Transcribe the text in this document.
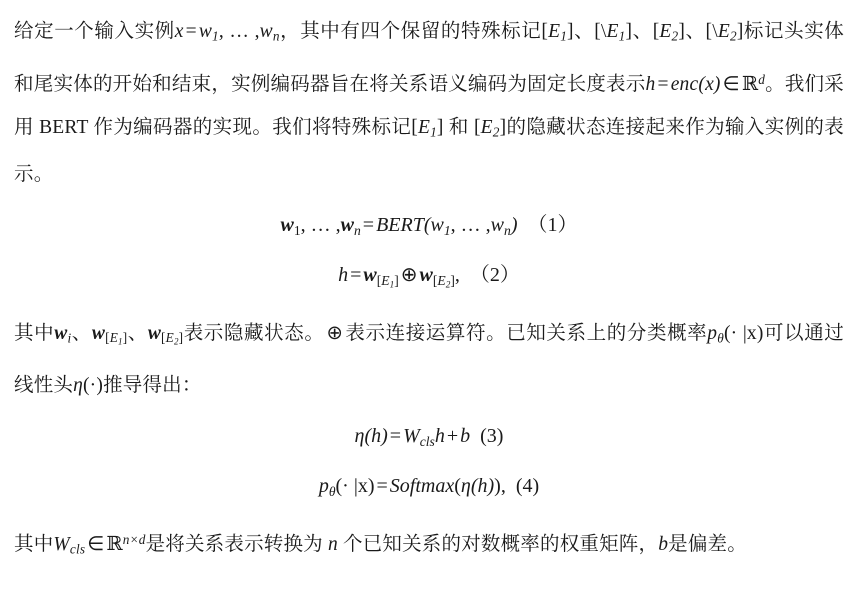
给定一个输入实例$x = w_1$, … $,w_n$，其中有四个保留的特殊标记$[E_1]$、$[\backslash E_1]$、$[E_2]$、$[\backslash E_2]$标记头实体和尾实体的开始和结束，实例编码器旨在将关系语义编码为固定长度表示h = enc(x) ∈ ℝ$^d$。我们采用 BERT 作为编码器的实现。我们将特殊标记$[E_1]$ 和 $[E_2]$的隐藏状态连接起来作为输入实例的表示。

$w_1$, … $,w_n$ = $BERT(w_1$, … $,w_n$) （1）
$h = w_{[E_1]}$ ⊕ $w_{[E_2]}$, （2）

其中$w_i$、$w_{[E_1]}$、$w_{[E_2]}$表示隐藏状态。 ⊕ 表示连接运算符。已知关系上的分类概率$p_\theta(\cdot |x)$可以通过线性头η(·)推导得出：

$\eta(h) = W_{cls}h + b$ (3)
$p_\theta(\cdot |x)$ = Softmax(η(h)), (4)

其中$W_{cls}$ ∈ ℝ$^{n\times d}$是将关系表示转换为 n 个已知关系的对数概率的权重矩阵，b是偏差。
